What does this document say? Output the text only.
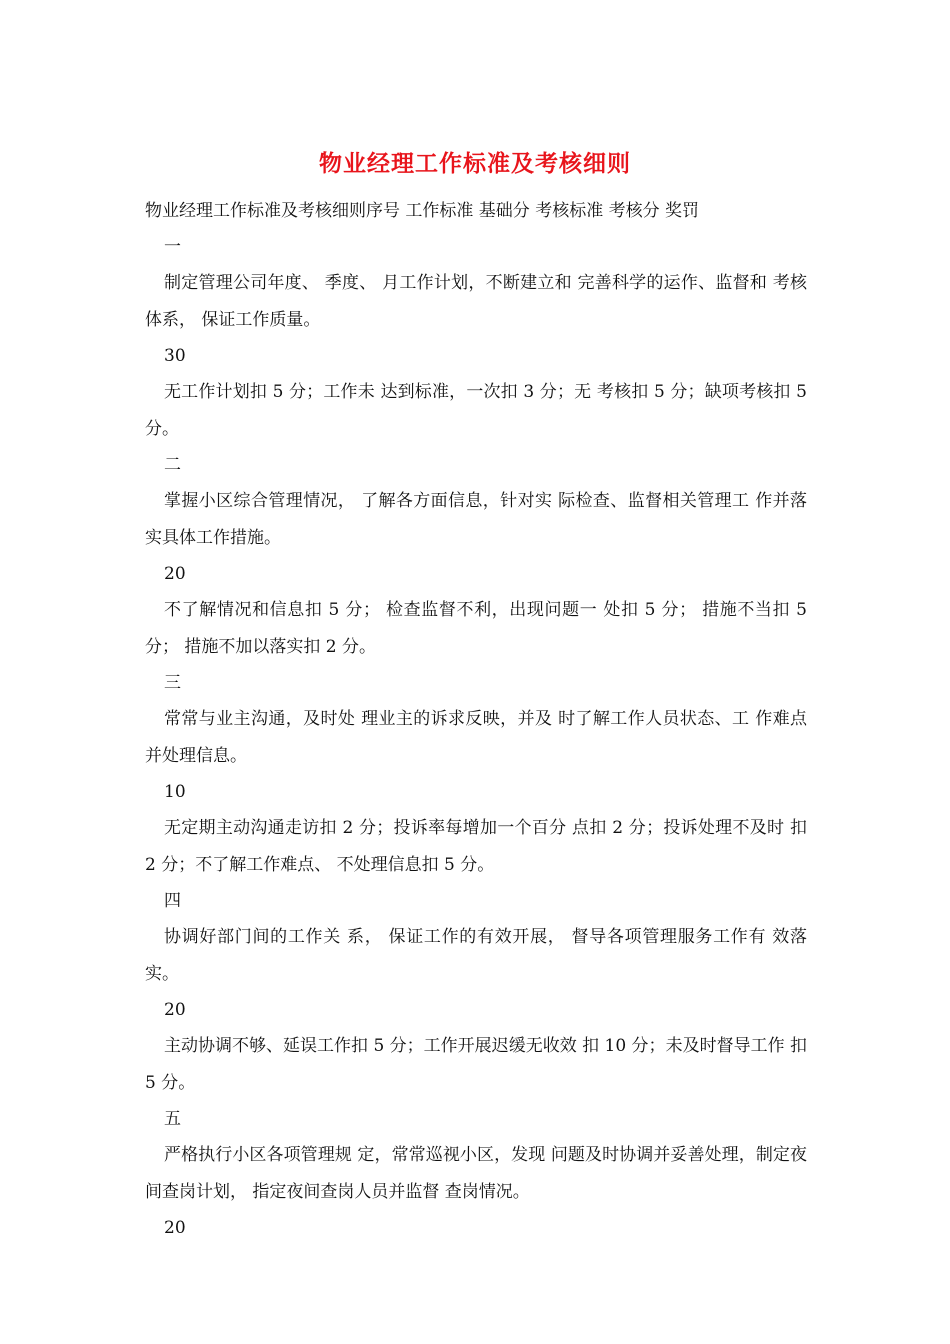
物业经理工作标准及考核细则
物业经理工作标准及考核细则序号 工作标准 基础分 考核标准 考核分 奖罚
一
制定管理公司年度、 季度、 月工作计划，不断建立和 完善科学的运作、监督和 考核体系， 保证工作质量。
30
无工作计划扣 5 分；工作未 达到标准，一次扣 3 分；无 考核扣 5 分；缺项考核扣 5 分。
二
掌握小区综合管理情况， 了解各方面信息，针对实 际检查、监督相关管理工 作并落实具体工作措施。
20
不了解情况和信息扣 5 分； 检查监督不利，出现问题一 处扣 5 分； 措施不当扣 5 分； 措施不加以落实扣 2 分。
三
常常与业主沟通，及时处 理业主的诉求反映，并及 时了解工作人员状态、工 作难点并处理信息。
10
无定期主动沟通走访扣 2 分；投诉率每增加一个百分 点扣 2 分；投诉处理不及时 扣 2 分；不了解工作难点、 不处理信息扣 5 分。
四
协调好部门间的工作关 系， 保证工作的有效开展， 督导各项管理服务工作有 效落实。
20
主动协调不够、延误工作扣 5 分；工作开展迟缓无收效 扣 10 分；未及时督导工作 扣 5 分。
五
严格执行小区各项管理规 定，常常巡视小区，发现 问题及时协调并妥善处理，制定夜间查岗计划， 指定夜间查岗人员并监督 查岗情况。
20
